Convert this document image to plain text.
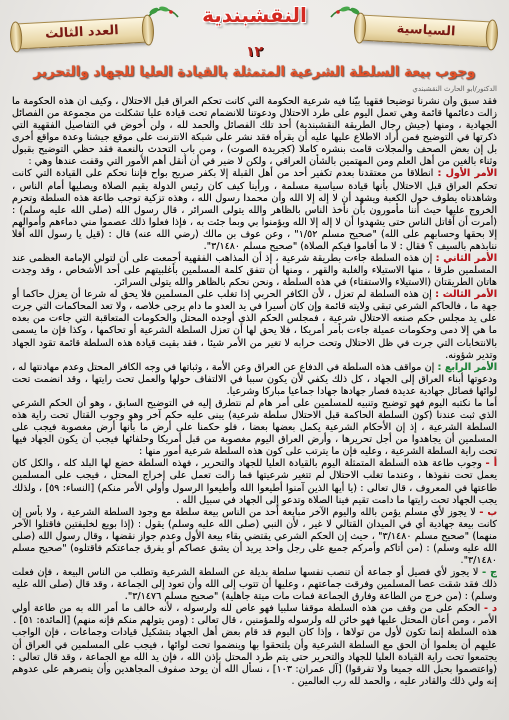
النقشبندية
العدد الثالث	السياسية
١٢
وجوب بيعة السلطة الشرعية المتمثلة بالقيادة العليا للجهاد والتحرير
الدكتور/ابو الحارث النقشبندي

فقد سبق وأن نشرنا توضيحا فقهيا بيّنا فيه شرعية الحكومة التي كانت تحكم العراق قبل الاحتلال ، وكيف أن هذه الحكومة ما زالت دعائمها قائمة وهي تعمل اليوم على طرد الاحتلال ودعوتنا للانضمام تحت قيادة عليا تشكلت من مجموعة من الفصائل الجهادية ، ومنها (جيش رجال الطريقة النقشبندية) أحد تلك الفصائل والحمد لله ، ولن أخوض في التفاصيل الفقهية التي ذكرتها في التوضيح فمن أراد الاطلاع عليها عليه أن يقرأه فقد نشر على شبكة الانترنت على موقع جيشنا وعدة مواقع أخرى بل إن بعض الصحف والمجلات قامت بنشره كاملا (كجريدة الصوت) ، ومن باب التحدث بالنعمة فقد حظي التوضيح بقبول وثناء بالغين من أهل العلم ومن المهتمين بالشأن العراقي ، ولكن لا ضير في أن أنقل أهم الأمور التي وقفت عندها وهي :

الأمر الأول : انطلاقا من معتقدنا بعدم تكفير أحد من أهل القبلة إلا بكفر صريح بواح فإننا نحكم على القيادة التي كانت تحكم العراق قبل الاحتلال بأنها قيادة سياسية مسلمة ، ورأينا كيف كان رئيس الدولة يقيم الصلاة ويصليها أمام الناس ، وشاهدناه يطوف حول الكعبة ويشهد أن لا إله إلا الله وأن محمدا رسول الله ، وهذه تزكية توجب طاعة هذه السلطة وتحرم الخروج عليها حيث أننا مأمورون بأن نأخذ الناس بالظاهر والله يتولى السرائر ، قال رسول الله (صلى الله عليه وسلم) : (أمرت أن أقاتل الناس حتى يشهدوا أن لا إله إلا الله ويؤمنوا بي وبما جئت به ، فإذا فعلوا ذلك عصموا مني دماءهم وأموالهم إلا بحقها وحسابهم على الله) "صحيح مسلم ١/٥٢" ، وعن عوف بن مالك (رضي الله عنه) قال : (قيل يا رسول الله أفلا ننابذهم بالسيف ؟ فقال : لا ما أقاموا فيكم الصلاة) "صحيح مسلم ٣/١٤٨٠".

الأمر الثاني : إن هذه السلطة جاءت بطريقة شرعية ، إذ أن المذاهب الفقهية أجمعت على أن لتولي الإمامة العظمى عند المسلمين طرقا ، منها الاستيلاء والغلبة والقهر ، ومنها أن تتفق كلمة المسلمين بأغلبيتهم على أحد الأشخاص ، وقد وجدت هاتان الطريقتان (الاستيلاء والاستفتاء) في هذه السلطة ، ونحن نحكم بالظاهر والله يتولى السرائر.

الأمر الثالث : إن هذه السلطة لم تعزل ، لأن الكافر الحربي إذا تغلب على المسلمين فلا يحق له شرعا أن يعزل حاكما أو جهة ما ، فالحاكم الشرعي تبقى ولايته قائمة وإن كان أسيرا في يد العدو ما دام يرجى خلاصه ، ولا تعد المحاكمات التي جرت على يد مجلس حكم صنعه الاحتلال شرعية ، فمجلس الحكم الذي أوجده المحتل والحكومات المتعاقبة التي جاءت من بعده ما هي إلا دمى وحكومات عميلة جاءت بأمر أمريكا ، فلا يحق لها أن تعزل السلطة الشرعية أو تحاكمها ، وكذا فإن ما يسمى بالانتخابات التي جرت في ظل الاحتلال وتحت حرابه لا تغير من الأمر شيئا ، فقد بقيت قيادة هذه السلطة قائمة تقود الجهاد وتدير شؤونه.

الأمر الرابع : إن مواقف هذه السلطة في الدفاع عن العراق وعن الأمة ، وثباتها في وجه الكافر المحتل وعدم مهادنتها له ، ودعوتها أبناء العراق إلى الجهاد ، كل ذلك يكفي لأن يكون سببا في الالتفاف حولها والعمل تحت رايتها ، وقد انضمت تحت لوائها فصائل جهادية عديدة فصار جهادها جهادا جماعيا مباركا وشرعيا.

أما ما نكتبه اليوم فهو توضيح وتنبيه للمسلمين على أمر هام لم نتطرق إليه في التوضيح السابق ، وهو أن الحكم الشرعي الذي ثبت عندنا (كون السلطة الحاكمة قبل الاحتلال سلطة شرعية) يبنى عليه حكم آخر وهو وجوب القتال تحت راية هذه السلطة الشرعية ، إذ إن الأحكام الشرعية يكمل بعضها بعضا ، فلو حكمنا على أرض ما بأنها أرض مغصوبة فيجب على المسلمين أن يجاهدوا من أجل تحريرها ، وأرض العراق اليوم مغصوبة من قبل أمريكا وحلفائها فيجب أن يكون الجهاد فيها تحت راية السلطة الشرعية ، وعليه فإن ما يترتب على كون هذه السلطة شرعية أمور منها :

أ - وجوب طاعة هذه السلطة المتمثلة اليوم بالقيادة العليا للجهاد والتحرير ، فهذه السلطة خضع لها البلد كله ، والكل كان يعمل تحت نفوذها ، وعندما تغلب الاحتلال لم تتغير شرعيتها فما زالت تعمل على إخراج المحتل ، فيجب على المسلمين طاعتها في المعروف ، قال تعالى : (يا أيها الذين آمنوا أطيعوا الله وأطيعوا الرسول وأولي الأمر منكم) [النساء: ٥٩] ، ولذلك يجب الجهاد تحت رايتها ما دامت تقيم فينا الصلاة وتدعو إلى الجهاد في سبيل الله .

ب - لا يجوز لأي مسلم يؤمن بالله واليوم الآخر مبايعة أحد من الناس بيعة سلطة مع وجود السلطة الشرعية ، ولا بأس إن كانت بيعة جهادية أي في الميدان القتالي لا غير ، لأن النبي (صلى الله عليه وسلم) يقول : (إذا بويع لخليفتين فاقتلوا الآخر منهما) "صحيح مسلم ٣/١٤٨٠" ، حيث إن الحكم الشرعي يقتضي بقاء بيعة الأول وعدم جواز نقضها ، وقال رسول الله (صلى الله عليه وسلم) : (من أتاكم وأمركم جميع على رجل واحد يريد أن يشق عصاكم أو يفرق جماعتكم فاقتلوه) "صحيح مسلم ٣/١٤٨٠".

ج - لا يجوز لأي فصيل أو جماعة أن تنصب نفسها سلطة بديلة عن السلطة الشرعية وتطلب من الناس البيعة ، فإن فعلت ذلك فقد شقت عصا المسلمين وفرقت جماعتهم ، وعليها أن تتوب إلى الله وأن تعود إلى الجماعة ، وقد قال (صلى الله عليه وسلم) : (من خرج من الطاعة وفارق الجماعة فمات مات ميتة جاهلية) "صحيح مسلم ٣/١٤٧٦".

د - الحكم على من وقف من هذه السلطة موقفا سلبيا فهو عاص لله ولرسوله ، لأنه خالف ما أمر الله به من طاعة أولي الأمر ، ومن أعان المحتل عليها فهو خائن لله ولرسوله وللمؤمنين ، قال تعالى : (ومن يتولهم منكم فإنه منهم) [المائدة: ٥١] .

هذه السلطة إنما تكون لأول من تولاها ، وإذا كان اليوم قد قام بعض أهل الجهاد بتشكيل قيادات وجماعات ، فإن الواجب عليهم أن يعلموا أن الحق مع السلطة الشرعية وأن يلتحقوا بها وينضموا تحت لوائها ، فيجب على المسلمين في العراق أن يجتمعوا تحت راية القيادة العليا للجهاد والتحرير حتى يتم طرد المحتل بإذن الله ، فإن يد الله مع الجماعة ، وقد قال تعالى : (واعتصموا بحبل الله جميعا ولا تفرقوا) [آل عمران: ١٠٣] ، نسأل الله أن يوحد صفوف المجاهدين وأن ينصرهم على عدوهم إنه ولي ذلك والقادر عليه ، والحمد لله رب العالمين .
